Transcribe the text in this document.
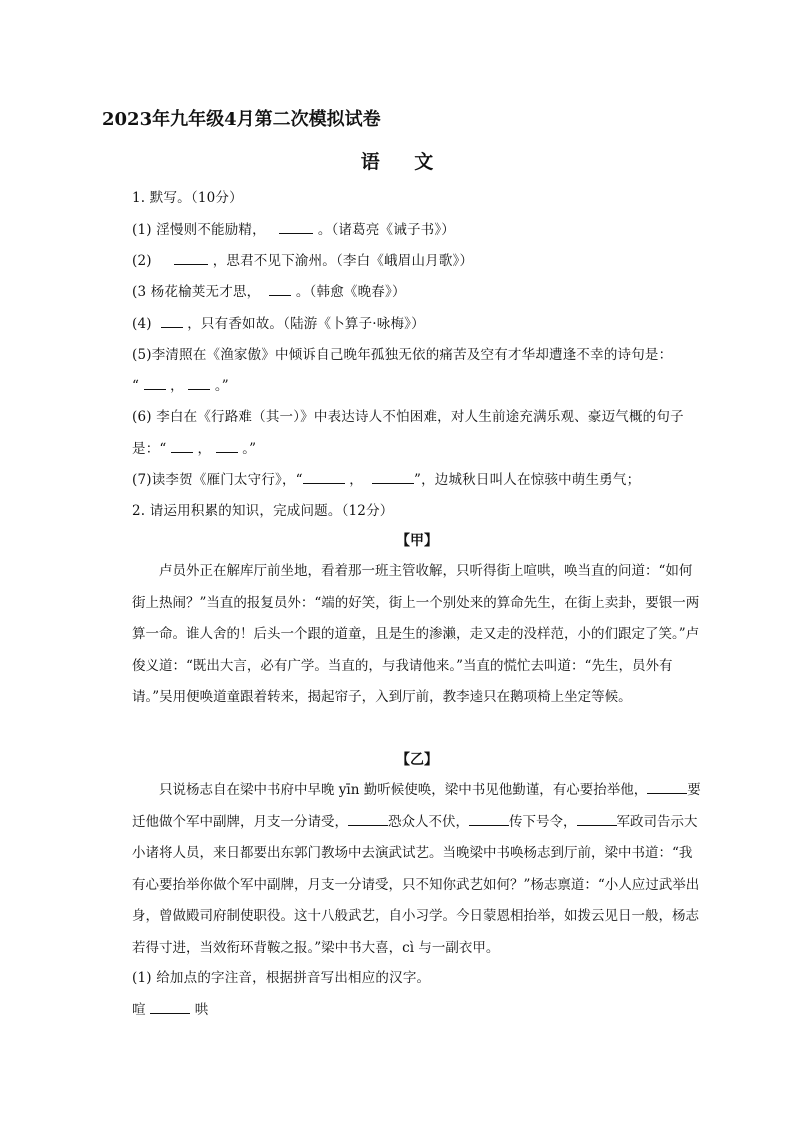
2023年九年级4月第二次模拟试卷
语 文
1. 默写。（10分）
(1) 淫慢则不能励精，	。（诸葛亮《诫子书》）
(2)	，思君不见下渝州。（李白《峨眉山月歌》）
(3 杨花榆荚无才思，	。（韩愈《晚春》）
(4)	，只有香如故。（陆游《卜算子·咏梅》）
(5)李清照在《渔家傲》中倾诉自己晚年孤独无依的痛苦及空有才华却遭逢不幸的诗句是：
“ ， 。”
(6) 李白在《行路难（其一）》中表达诗人不怕困难，对人生前途充满乐观、豪迈气概的句子
是：“ ， 。”
(7)读李贺《雁门太守行》，“	，	”，边城秋日叫人在惊骇中萌生勇气；
2. 请运用积累的知识，完成问题。（12分）
【甲】
卢员外正在解库厅前坐地，看着那一班主管收解，只听得街上喧哄，唤当直的问道：“如何街上热闹？”当直的报复员外：“端的好笑，街上一个别处来的算命先生，在街上卖卦，要银一两算一命。谁人舍的！后头一个跟的道童，且是生的渗濑，走又走的没样范，小的们跟定了笑。”卢俊义道：“既出大言，必有广学。当直的，与我请他来。”当直的慌忙去叫道：“先生，员外有请。”吴用便唤道童跟着转来，揭起帘子，入到厅前，教李逵只在鹅项椅上坐定等候。
【乙】
只说杨志自在梁中书府中早晚 yīn 勤听候使唤，梁中书见他勤谨，有心要抬举他，	要迁他做个军中副牌，月支一分请受，	恐众人不伏，	传下号令，	军政司告示大小诸将人员，来日都要出东郭门教场中去演武试艺。当晚梁中书唤杨志到厅前，梁中书道：“我有心要抬举你做个军中副牌，月支一分请受，只不知你武艺如何？”杨志禀道：“小人应过武举出身，曾做殿司府制使职役。这十八般武艺，自小习学。今日蒙恩相抬举，如拨云见日一般，杨志若得寸进，当效衔环背鞍之报。”梁中书大喜，cì 与一副衣甲。
(1) 给加点的字注音，根据拼音写出相应的汉字。
喧	哄
